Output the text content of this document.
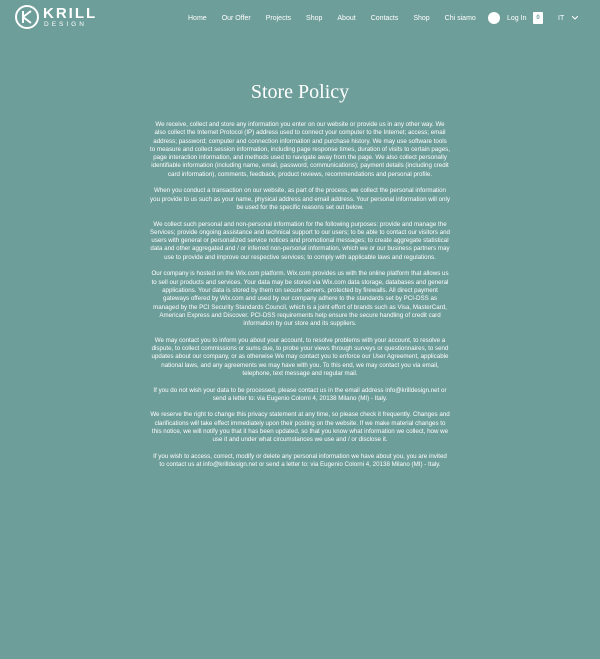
KRILL
DESIGN
Home Our Offer Projects Shop About Contacts Shop Chi siamo	Log In	0	IT
Store Policy

We receive, collect and store any information you enter on our website or provide us in any other way. We also collect the Internet Protocol (IP) address used to connect your computer to the Internet; access; email address; password; computer and connection information and purchase history. We may use software tools to measure and collect session information, including page response times, duration of visits to certain pages, page interaction information, and methods used to navigate away from the page. We also collect personally identifiable information (including name, email, password, communications); payment details (including credit card information), comments, feedback, product reviews, recommendations and personal profile.

When you conduct a transaction on our website, as part of the process, we collect the personal information you provide to us such as your name, physical address and email address. Your personal information will only be used for the specific reasons set out below.

We collect such personal and non-personal information for the following purposes: provide and manage the Services; provide ongoing assistance and technical support to our users; to be able to contact our visitors and users with general or personalized service notices and promotional messages; to create aggregate statistical data and other aggregated and / or inferred non-personal information, which we or our business partners may use to provide and improve our respective services; to comply with applicable laws and regulations.

Our company is hosted on the Wix.com platform. Wix.com provides us with the online platform that allows us to sell our products and services. Your data may be stored via Wix.com data storage, databases and general applications. Your data is stored by them on secure servers, protected by firewalls. All direct payment gateways offered by Wix.com and used by our company adhere to the standards set by PCI-DSS as managed by the PCI Security Standards Council, which is a joint effort of brands such as Visa, MasterCard, American Express and Discover. PCI-DSS requirements help ensure the secure handling of credit card information by our store and its suppliers.

We may contact you to inform you about your account, to resolve problems with your account, to resolve a dispute, to collect commissions or sums due, to probe your views through surveys or questionnaires, to send updates about our company, or as otherwise We may contact you to enforce our User Agreement, applicable national laws, and any agreements we may have with you. To this end, we may contact you via email, telephone, text message and regular mail.

If you do not wish your data to be processed, please contact us in the email address info@krilldesign.net or send a letter to: via Eugenio Colorni 4, 20138 Milano (MI) - Italy.

We reserve the right to change this privacy statement at any time, so please check it frequently. Changes and clarifications will take effect immediately upon their posting on the website. If we make material changes to this notice, we will notify you that it has been updated, so that you know what information we collect, how we use it and under what circumstances we use and / or disclose it.

If you wish to access, correct, modify or delete any personal information we have about you, you are invited to contact us at info@krilldesign.net or send a letter to: via Eugenio Colorni 4, 20138 Milano (MI) - Italy.
